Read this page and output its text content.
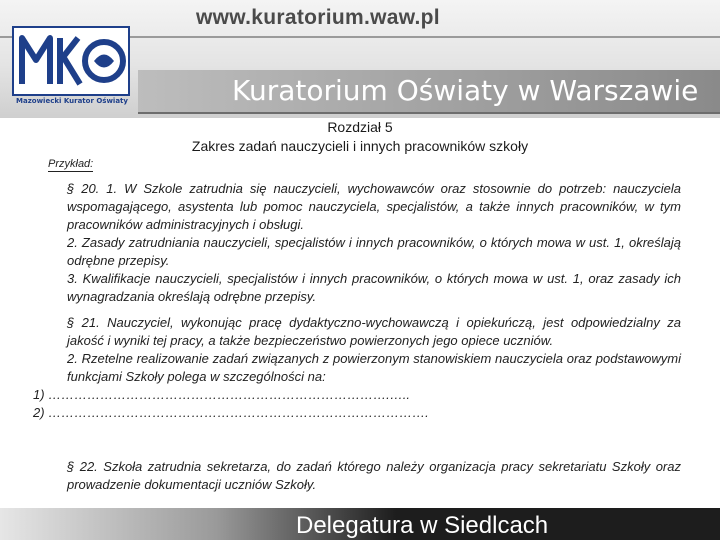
www.kuratorium.waw.pl
Mazowiecki Kurator Oświaty	Kuratorium Oświaty w Warszawie
Rozdział 5
Zakres zadań nauczycieli i innych pracowników szkoły
Przykład:

§ 20. 1. W Szkole zatrudnia się nauczycieli, wychowawców oraz stosownie do potrzeb: nauczyciela wspomagającego, asystenta lub pomoc nauczyciela, specjalistów, a także innych pracowników, w tym pracowników administracyjnych i obsługi.

2. Zasady zatrudniania nauczycieli, specjalistów i innych pracowników, o których mowa w ust. 1, określają odrębne przepisy.

3. Kwalifikacje nauczycieli, specjalistów i innych pracowników, o których mowa w ust. 1, oraz zasady ich wynagradzania określają odrębne przepisy.

§ 21. Nauczyciel, wykonując pracę dydaktyczno-wychowawczą i opiekuńczą, jest odpowiedzialny za jakość i wyniki tej pracy, a także bezpieczeństwo powierzonych jego opiece uczniów.

2. Rzetelne realizowanie zadań związanych z powierzonym stanowiskiem nauczyciela oraz podstawowymi funkcjami Szkoły polega w szczególności na:

1) …………………………………………………………………….…..

2) …………………………………………………………………………….

§ 22. Szkoła zatrudnia sekretarza, do zadań którego należy organizacja pracy sekretariatu Szkoły oraz prowadzenie dokumentacji uczniów Szkoły.

Delegatura w Siedlcach
